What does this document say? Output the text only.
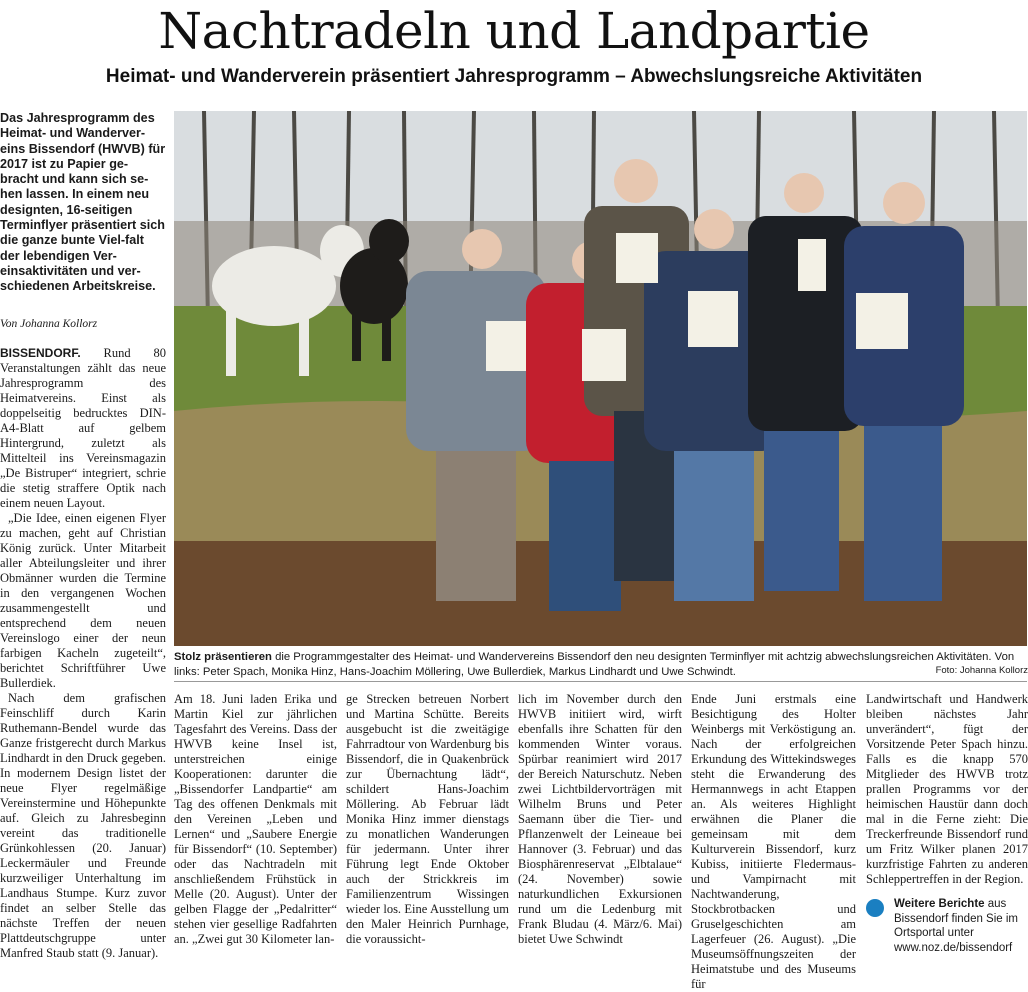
Nachtradeln und Landpartie
Heimat- und Wanderverein präsentiert Jahresprogramm – Abwechslungsreiche Aktivitäten

Das Jahresprogramm des Heimat- und Wanderver-eins Bissendorf (HWVB) für 2017 ist zu Papier ge-bracht und kann sich se-hen lassen. In einem neu designten, 16-seitigen Terminflyer präsentiert sich die ganze bunte Viel-falt der lebendigen Ver-einsaktivitäten und ver-schiedenen Arbeitskreise.

Von Johanna Kollorz

BISSENDORF. Rund 80 Veranstaltungen zählt das neue Jahresprogramm des Heimatvereins. Einst als doppelseitig bedrucktes DIN-A4-Blatt auf gelbem Hintergrund, zuletzt als Mittelteil ins Vereinsmagazin „De Bistruper“ integriert, schrie die stetig straffere Optik nach einem neuen Layout.

„Die Idee, einen eigenen Flyer zu machen, geht auf Christian König zurück. Unter Mitarbeit aller Abteilungsleiter und ihrer Obmänner wurden die Termine in den vergangenen Wochen zusammengestellt und entsprechend dem neuen Vereinslogo einer der neun farbigen Kacheln zugeteilt“, berichtet Schriftführer Uwe Bullerdiek.

Nach dem grafischen Feinschliff durch Karin Ruthemann-Bendel wurde das Ganze fristgerecht durch Markus Lindhardt in den Druck gegeben. In modernem Design listet der neue Flyer regelmäßige Vereinstermine und Höhepunkte auf. Gleich zu Jahresbeginn vereint das traditionelle Grünkohlessen (20. Januar) Leckermäuler und Freunde kurzweiliger Unterhaltung im Landhaus Stumpe. Kurz zuvor findet an selber Stelle das nächste Treffen der neuen Plattdeutschgruppe unter Manfred Staub statt (9. Januar).

Stolz präsentieren die Programmgestalter des Heimat- und Wandervereins Bissendorf den neu designten Terminflyer mit achtzig abwechslungsreichen Aktivitäten. Von links: Peter Spach, Monika Hinz, Hans-Joachim Möllering, Uwe Bullerdiek, Markus Lindhardt und Uwe Schwindt.	Foto: Johanna Kollorz

Am 18. Juni laden Erika und Martin Kiel zur jährlichen Tagesfahrt des Vereins. Dass der HWVB keine Insel ist, unterstreichen einige Kooperationen: darunter die „Bissendorfer Landpartie“ am Tag des offenen Denkmals mit den Vereinen „Leben und Lernen“ und „Saubere Energie für Bissendorf“ (10. September) oder das Nachtradeln mit anschließendem Frühstück in Melle (20. August). Unter der gelben Flagge der „Pedalritter“ stehen vier gesellige Radfahrten an. „Zwei gut 30 Kilometer lan-

ge Strecken betreuen Norbert und Martina Schütte. Bereits ausgebucht ist die zweitägige Fahrradtour von Wardenburg bis Bissendorf, die in Quakenbrück zur Übernachtung lädt“, schildert Hans-Joachim Möllering. Ab Februar lädt Monika Hinz immer dienstags zu monatlichen Wanderungen für jedermann. Unter ihrer Führung legt Ende Oktober auch der Strickkreis im Familienzentrum Wissingen wieder los. Eine Ausstellung um den Maler Heinrich Purnhage, die voraussicht-

lich im November durch den HWVB initiiert wird, wirft ebenfalls ihre Schatten für den kommenden Winter voraus. Spürbar reanimiert wird 2017 der Bereich Naturschutz. Neben zwei Lichtbildervorträgen mit Wilhelm Bruns und Peter Saemann über die Tier- und Pflanzenwelt der Leineaue bei Hannover (3. Februar) und das Biosphärenreservat „Elbtalaue“ (24. November) sowie naturkundlichen Exkursionen rund um die Ledenburg mit Frank Bludau (4. März/6. Mai) bietet Uwe Schwindt

Ende Juni erstmals eine Besichtigung des Holter Weinbergs mit Verköstigung an. Nach der erfolgreichen Erkundung des Wittekindsweges steht die Erwanderung des Hermannwegs in acht Etappen an. Als weiteres Highlight erwähnen die Planer die gemeinsam mit dem Kulturverein Bissendorf, kurz Kubiss, initiierte Fledermaus- und Vampirnacht mit Nachtwanderung, Stockbrotbacken und Gruselgeschichten am Lagerfeuer (26. August). „Die Museumsöffnungszeiten der Heimatstube und des Museums für

Landwirtschaft und Handwerk bleiben nächstes Jahr unverändert“, fügt der Vorsitzende Peter Spach hinzu. Falls es die knapp 570 Mitglieder des HWVB trotz prallen Programms vor der heimischen Haustür dann doch mal in die Ferne zieht: Die Treckerfreunde Bissendorf rund um Fritz Wilker planen 2017 kurzfristige Fahrten zu anderen Schleppertreffen in der Region.

Weitere Berichte aus Bissendorf finden Sie im Ortsportal unter www.noz.de/bissendorf
